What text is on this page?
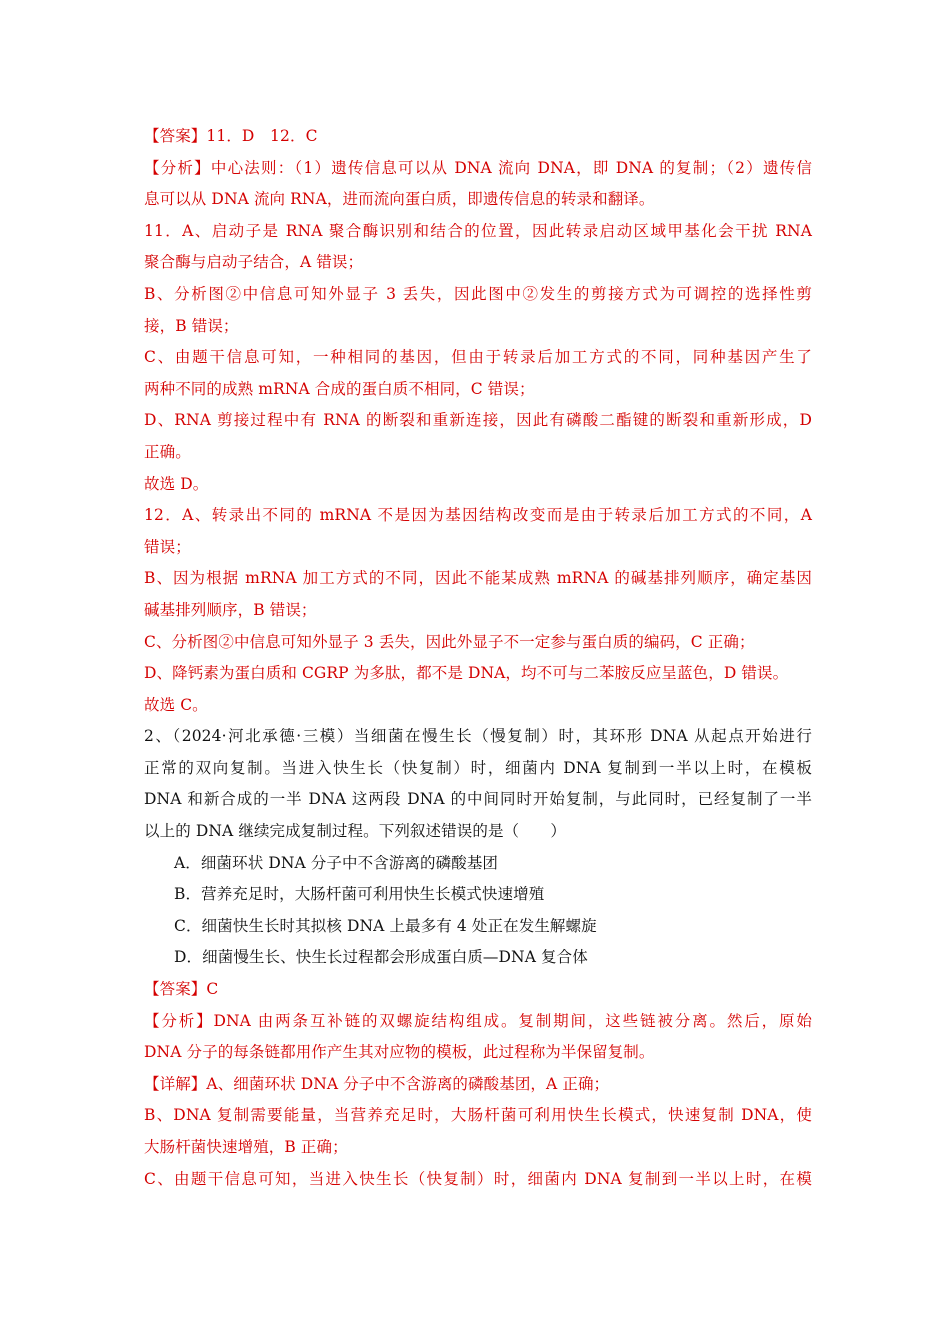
【答案】11．D　12．C
【分析】中心法则：（1）遗传信息可以从 DNA 流向 DNA，即 DNA 的复制；（2）遗传信
息可以从 DNA 流向 RNA，进而流向蛋白质，即遗传信息的转录和翻译。
11．A、启动子是 RNA 聚合酶识别和结合的位置，因此转录启动区域甲基化会干扰 RNA
聚合酶与启动子结合，A 错误；
B、分析图②中信息可知外显子 3 丢失，因此图中②发生的剪接方式为可调控的选择性剪
接，B 错误；
C、由题干信息可知，一种相同的基因，但由于转录后加工方式的不同，同种基因产生了
两种不同的成熟 mRNA 合成的蛋白质不相同，C 错误；
D、RNA 剪接过程中有 RNA 的断裂和重新连接，因此有磷酸二酯键的断裂和重新形成，D
正确。
故选 D。
12．A、转录出不同的 mRNA 不是因为基因结构改变而是由于转录后加工方式的不同，A
错误；
B、因为根据 mRNA 加工方式的不同，因此不能某成熟 mRNA 的碱基排列顺序，确定基因
碱基排列顺序，B 错误；
C、分析图②中信息可知外显子 3 丢失，因此外显子不一定参与蛋白质的编码，C 正确；
D、降钙素为蛋白质和 CGRP 为多肽，都不是 DNA，均不可与二苯胺反应呈蓝色，D 错误。
故选 C。
2、（2024·河北承德·三模）当细菌在慢生长（慢复制）时，其环形 DNA 从起点开始进行
正常的双向复制。当进入快生长（快复制）时，细菌内 DNA 复制到一半以上时，在模板
DNA 和新合成的一半 DNA 这两段 DNA 的中间同时开始复制，与此同时，已经复制了一半
以上的 DNA 继续完成复制过程。下列叙述错误的是（　　）
A．细菌环状 DNA 分子中不含游离的磷酸基团
B．营养充足时，大肠杆菌可利用快生长模式快速增殖
C．细菌快生长时其拟核 DNA 上最多有 4 处正在发生解螺旋
D．细菌慢生长、快生长过程都会形成蛋白质—DNA 复合体
【答案】C
【分析】DNA 由两条互补链的双螺旋结构组成。复制期间，这些链被分离。然后，原始
DNA 分子的每条链都用作产生其对应物的模板，此过程称为半保留复制。
【详解】A、细菌环状 DNA 分子中不含游离的磷酸基团，A 正确；
B、DNA 复制需要能量，当营养充足时，大肠杆菌可利用快生长模式，快速复制 DNA，使
大肠杆菌快速增殖，B 正确；
C、由题干信息可知，当进入快生长（快复制）时，细菌内 DNA 复制到一半以上时，在模
